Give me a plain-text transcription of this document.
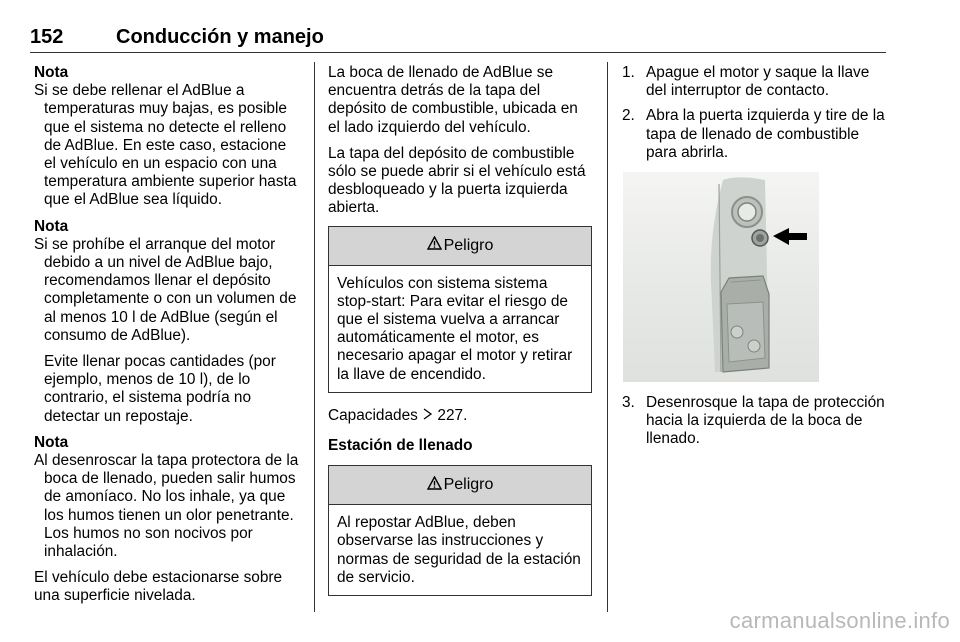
152	Conducción y manejo

Nota

Si se debe rellenar el AdBlue a temperaturas muy bajas, es posible que el sistema no detecte el relleno de AdBlue. En este caso, estacione el vehículo en un espacio con una temperatura ambiente superior hasta que el AdBlue sea líquido.

Nota

Si se prohíbe el arranque del motor debido a un nivel de AdBlue bajo, recomendamos llenar el depósito completamente o con un volumen de al menos 10 l de AdBlue (según el consumo de AdBlue).

Evite llenar pocas cantidades (por ejemplo, menos de 10 l), de lo contrario, el sistema podría no detectar un repostaje.

Nota

Al desenroscar la tapa protectora de la boca de llenado, pueden salir humos de amoníaco. No los inhale, ya que los humos tienen un olor penetrante. Los humos no son nocivos por inhalación.

El vehículo debe estacionarse sobre una superficie nivelada.

La boca de llenado de AdBlue se encuentra detrás de la tapa del depósito de combustible, ubicada en el lado izquierdo del vehículo.

La tapa del depósito de combustible sólo se puede abrir si el vehículo está desbloqueado y la puerta izquierda abierta.

Peligro
Vehículos con sistema sistema stop-start: Para evitar el riesgo de que el sistema vuelva a arrancar automáticamente el motor, es necesario apagar el motor y retirar la llave de encendido.

Capacidades 227.

Estación de llenado

Peligro
Al repostar AdBlue, deben observarse las instrucciones y normas de seguridad de la estación de servicio.
1. Apague el motor y saque la llave del interruptor de contacto.
2. Abra la puerta izquierda y tire de la tapa de llenado de combustible para abrirla.
3. Desenrosque la tapa de protección hacia la izquierda de la boca de llenado.
carmanualsonline.info
